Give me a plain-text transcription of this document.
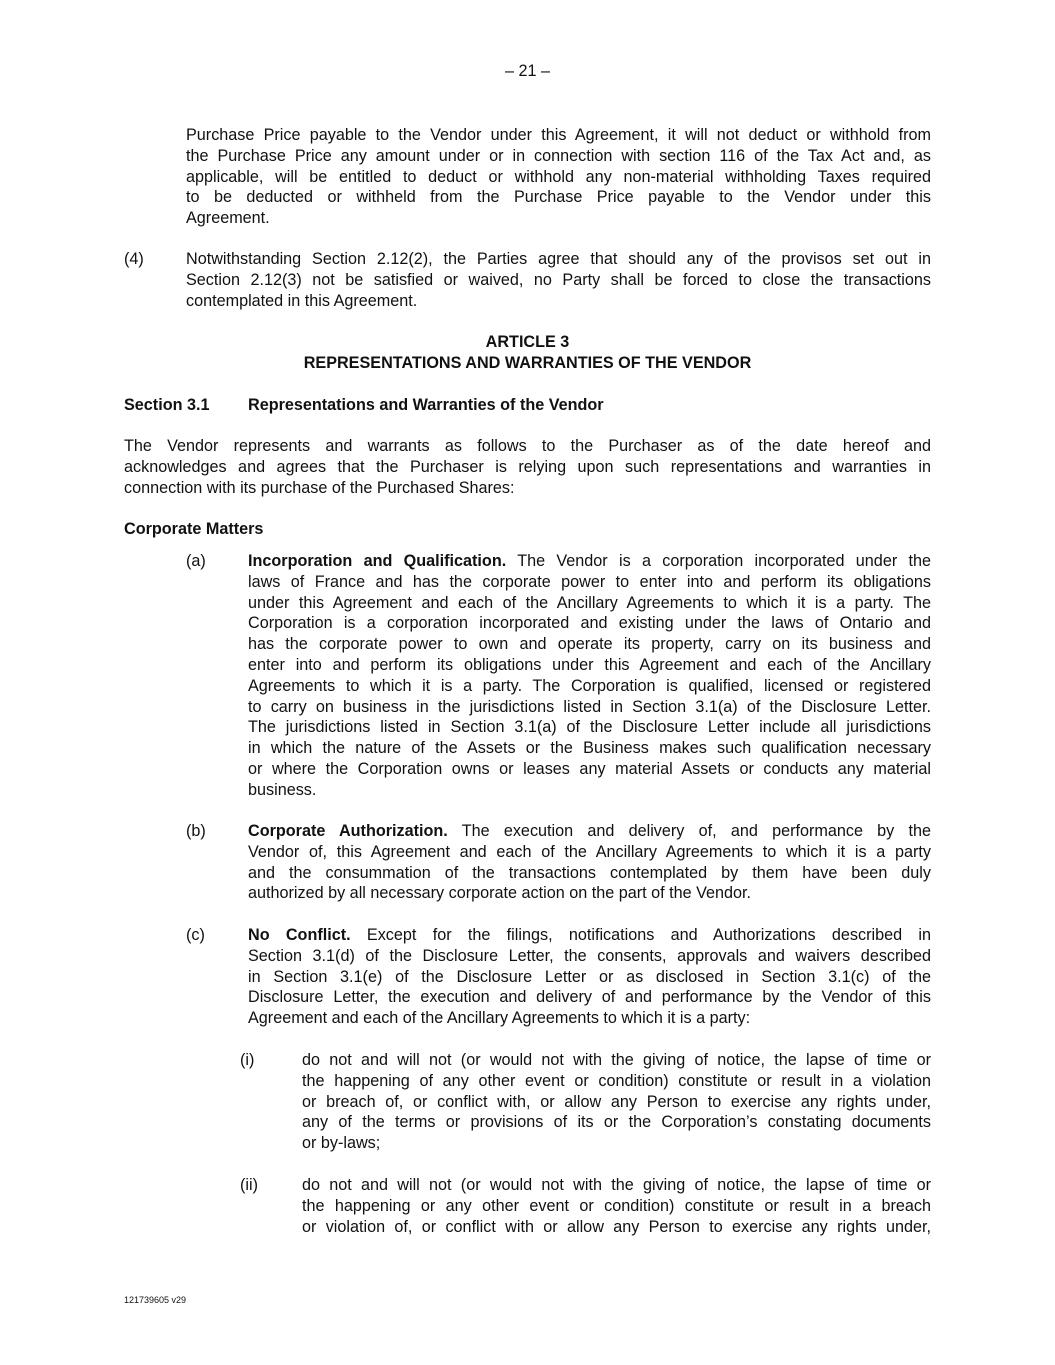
– 21 –
Purchase Price payable to the Vendor under this Agreement, it will not deduct or withhold from
the Purchase Price any amount under or in connection with section 116 of the Tax Act and, as
applicable, will be entitled to deduct or withhold any non-material withholding Taxes required
to be deducted or withheld from the Purchase Price payable to the Vendor under this
Agreement.
(4)	Notwithstanding Section 2.12(2), the Parties agree that should any of the provisos set out in
Section 2.12(3) not be satisfied or waived, no Party shall be forced to close the transactions
contemplated in this Agreement.
ARTICLE 3
REPRESENTATIONS AND WARRANTIES OF THE VENDOR
Section 3.1 Representations and Warranties of the Vendor
The Vendor represents and warrants as follows to the Purchaser as of the date hereof and
acknowledges and agrees that the Purchaser is relying upon such representations and warranties in
connection with its purchase of the Purchased Shares:
Corporate Matters
(a)	Incorporation and Qualification. The Vendor is a corporation incorporated under the
laws of France and has the corporate power to enter into and perform its obligations
under this Agreement and each of the Ancillary Agreements to which it is a party. The
Corporation is a corporation incorporated and existing under the laws of Ontario and
has the corporate power to own and operate its property, carry on its business and
enter into and perform its obligations under this Agreement and each of the Ancillary
Agreements to which it is a party. The Corporation is qualified, licensed or registered
to carry on business in the jurisdictions listed in Section 3.1(a) of the Disclosure Letter.
The jurisdictions listed in Section 3.1(a) of the Disclosure Letter include all jurisdictions
in which the nature of the Assets or the Business makes such qualification necessary
or where the Corporation owns or leases any material Assets or conducts any material
business.
(b)	Corporate Authorization. The execution and delivery of, and performance by the
Vendor of, this Agreement and each of the Ancillary Agreements to which it is a party
and the consummation of the transactions contemplated by them have been duly
authorized by all necessary corporate action on the part of the Vendor.
(c)	No Conflict. Except for the filings, notifications and Authorizations described in
Section 3.1(d) of the Disclosure Letter, the consents, approvals and waivers described
in Section 3.1(e) of the Disclosure Letter or as disclosed in Section 3.1(c) of the
Disclosure Letter, the execution and delivery of and performance by the Vendor of this
Agreement and each of the Ancillary Agreements to which it is a party:
(i)	do not and will not (or would not with the giving of notice, the lapse of time or
the happening of any other event or condition) constitute or result in a violation
or breach of, or conflict with, or allow any Person to exercise any rights under,
any of the terms or provisions of its or the Corporation’s constating documents
or by-laws;
(ii)	do not and will not (or would not with the giving of notice, the lapse of time or
the happening or any other event or condition) constitute or result in a breach
or violation of, or conflict with or allow any Person to exercise any rights under,
121739605 v29
